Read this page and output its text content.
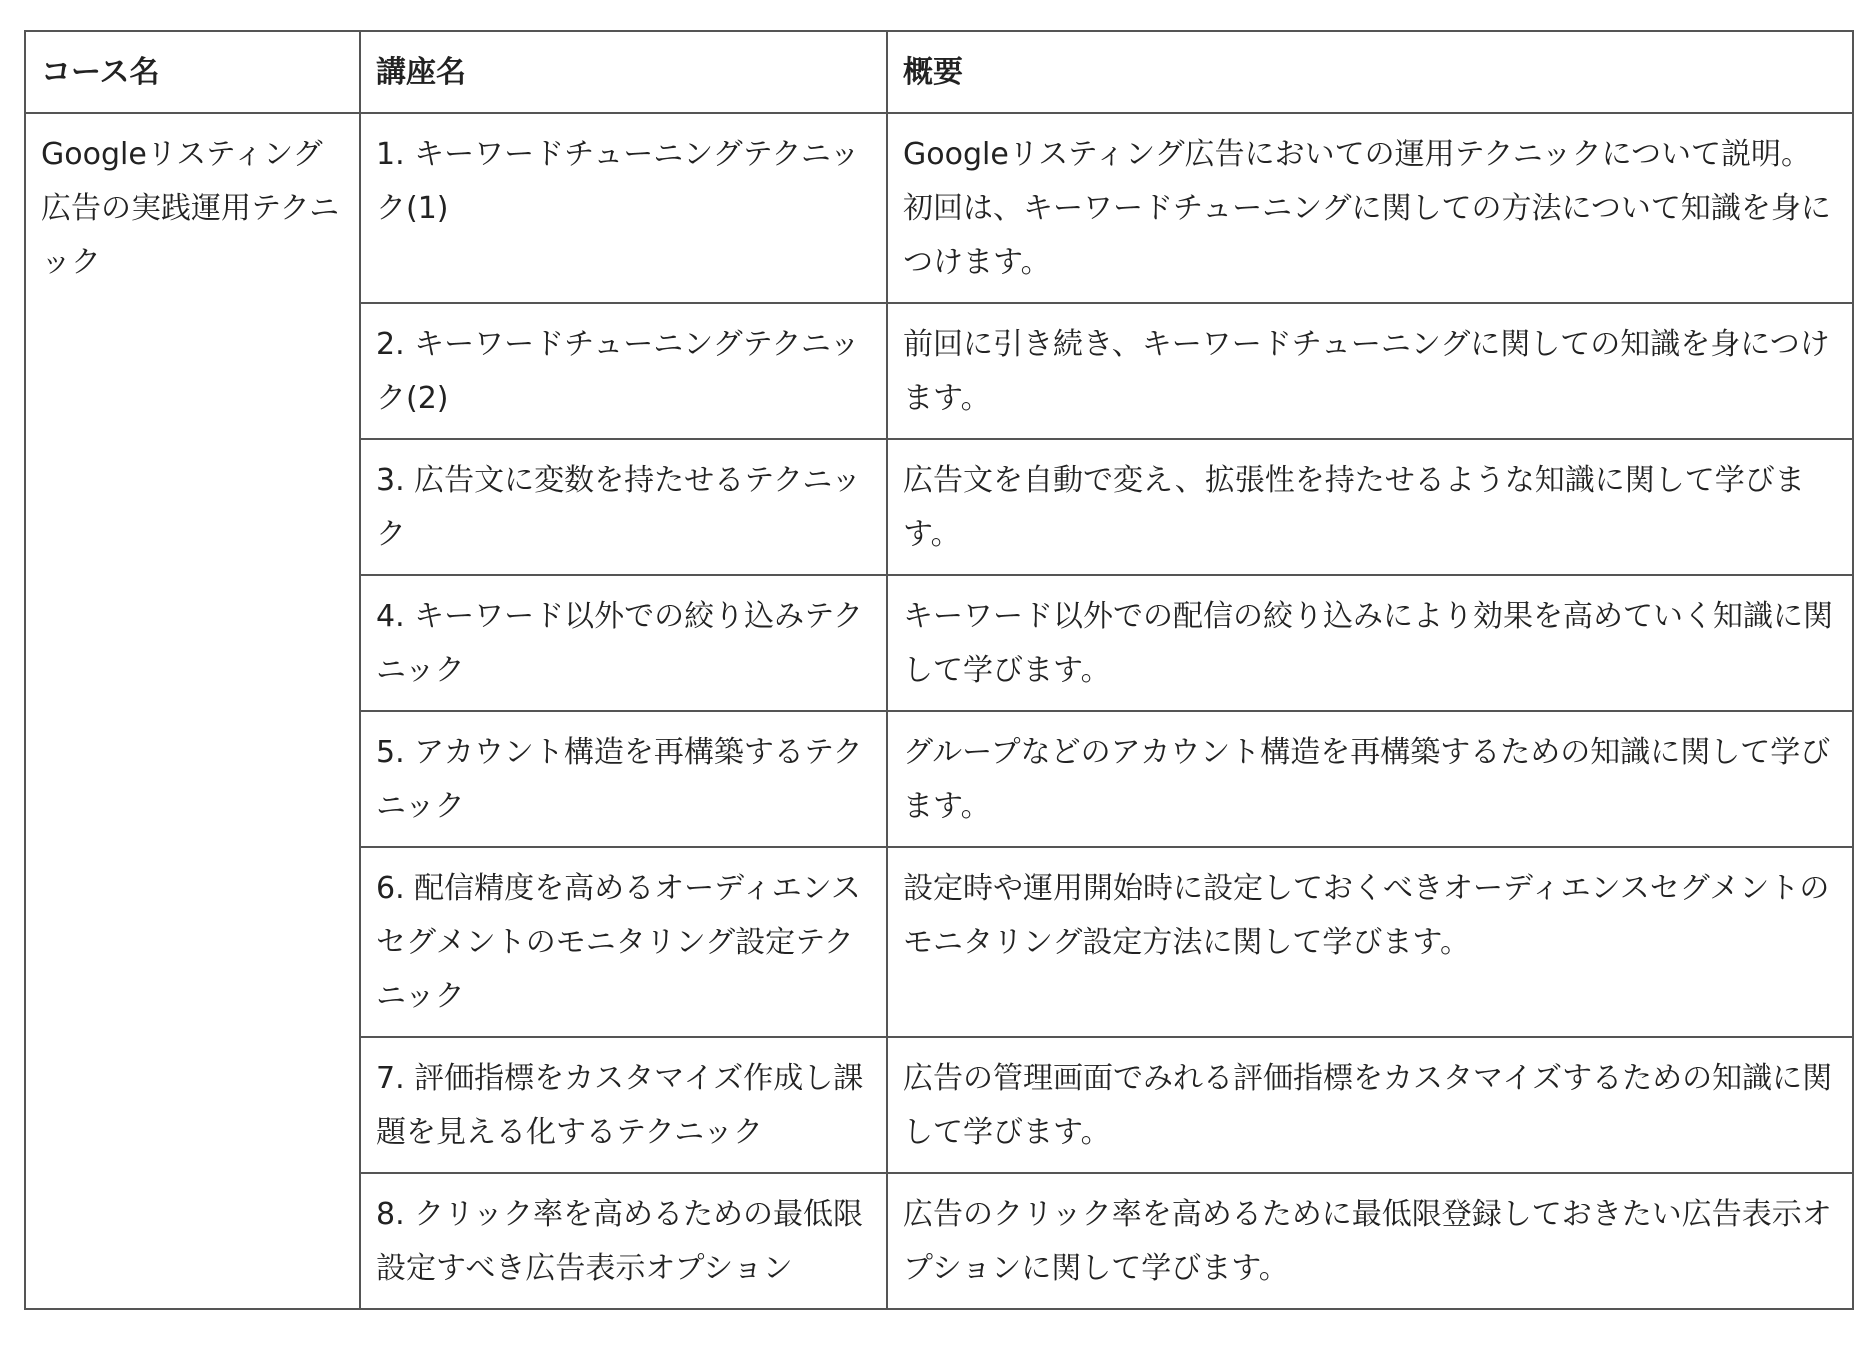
コース名	講座名	概要
Googleリスティング広告の実践運用テクニック	1. キーワードチューニングテクニック(1)	Googleリスティング広告においての運用テクニックについて説明。初回は、キーワードチューニングに関しての方法について知識を身につけます。
	2. キーワードチューニングテクニック(2)	前回に引き続き、キーワードチューニングに関しての知識を身につけます。
	3. 広告文に変数を持たせるテクニック	広告文を自動で変え、拡張性を持たせるような知識に関して学びます。
	4. キーワード以外での絞り込みテクニック	キーワード以外での配信の絞り込みにより効果を高めていく知識に関して学びます。
	5. アカウント構造を再構築するテクニック	グループなどのアカウント構造を再構築するための知識に関して学びます。
	6. 配信精度を高めるオーディエンスセグメントのモニタリング設定テクニック	設定時や運用開始時に設定しておくべきオーディエンスセグメントのモニタリング設定方法に関して学びます。
	7. 評価指標をカスタマイズ作成し課題を見える化するテクニック	広告の管理画面でみれる評価指標をカスタマイズするための知識に関して学びます。
	8. クリック率を高めるための最低限設定すべき広告表示オプション	広告のクリック率を高めるために最低限登録しておきたい広告表示オプションに関して学びます。
